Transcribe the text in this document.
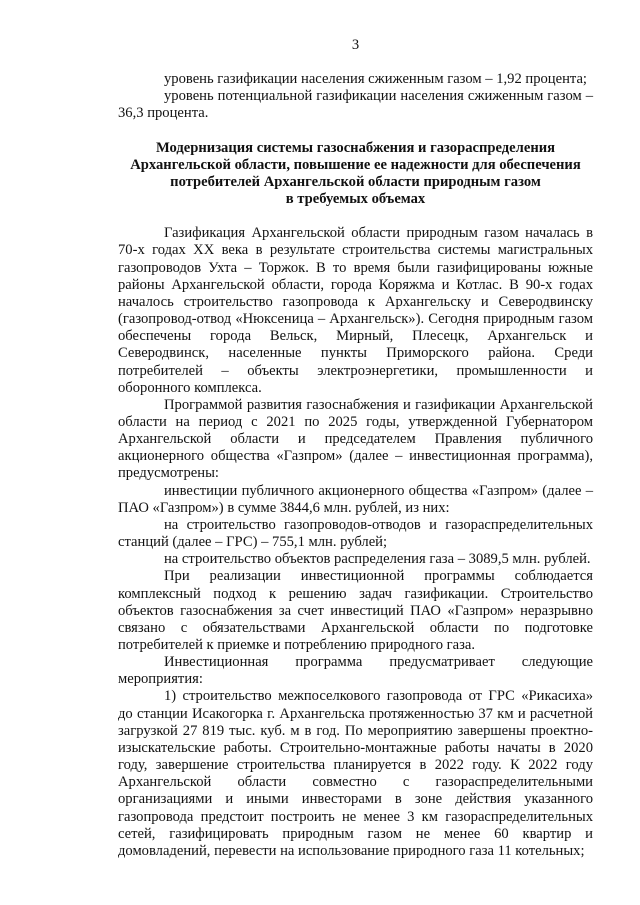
3

уровень газификации населения сжиженным газом – 1,92 процента;

уровень потенциальной газификации населения сжиженным газом – 36,3 процента.

Модернизация системы газоснабжения и газораспределения
Архангельской области, повышение ее надежности для обеспечения
потребителей Архангельской области природным газом
в требуемых объемах

Газификация Архангельской области природным газом началась в 70-х годах XX века в результате строительства системы магистральных газопроводов Ухта – Торжок. В то время были газифицированы южные районы Архангельской области, города Коряжма и Котлас. В 90-х годах началось строительство газопровода к Архангельску и Северодвинску (газопровод-отвод «Нюксеница – Архангельск»). Сегодня природным газом обеспечены города Вельск, Мирный, Плесецк, Архангельск и Северодвинск, населенные пункты Приморского района. Среди потребителей – объекты электроэнергетики, промышленности и оборонного комплекса.

Программой развития газоснабжения и газификации Архангельской области на период с 2021 по 2025 годы, утвержденной Губернатором Архангельской области и председателем Правления публичного акционерного общества «Газпром» (далее – инвестиционная программа), предусмотрены:

инвестиции публичного акционерного общества «Газпром» (далее – ПАО «Газпром») в сумме 3844,6 млн. рублей, из них:

на строительство газопроводов-отводов и газораспределительных станций (далее – ГРС) – 755,1 млн. рублей;

на строительство объектов распределения газа – 3089,5 млн. рублей.

При реализации инвестиционной программы соблюдается комплексный подход к решению задач газификации. Строительство объектов газоснабжения за счет инвестиций ПАО «Газпром» неразрывно связано с обязательствами Архангельской области по подготовке потребителей к приемке и потреблению природного газа.

Инвестиционная программа предусматривает следующие мероприятия:

1) строительство межпоселкового газопровода от ГРС «Рикасиха» до станции Исакогорка г. Архангельска протяженностью 37 км и расчетной загрузкой 27 819 тыс. куб. м в год. По мероприятию завершены проектно-изыскательские работы. Строительно-монтажные работы начаты в 2020 году, завершение строительства планируется в 2022 году. К 2022 году Архангельской области совместно с газораспределительными организациями и иными инвесторами в зоне действия указанного газопровода предстоит построить не менее 3 км газораспределительных сетей, газифицировать природным газом не менее 60 квартир и домовладений, перевести на использование природного газа 11 котельных;
